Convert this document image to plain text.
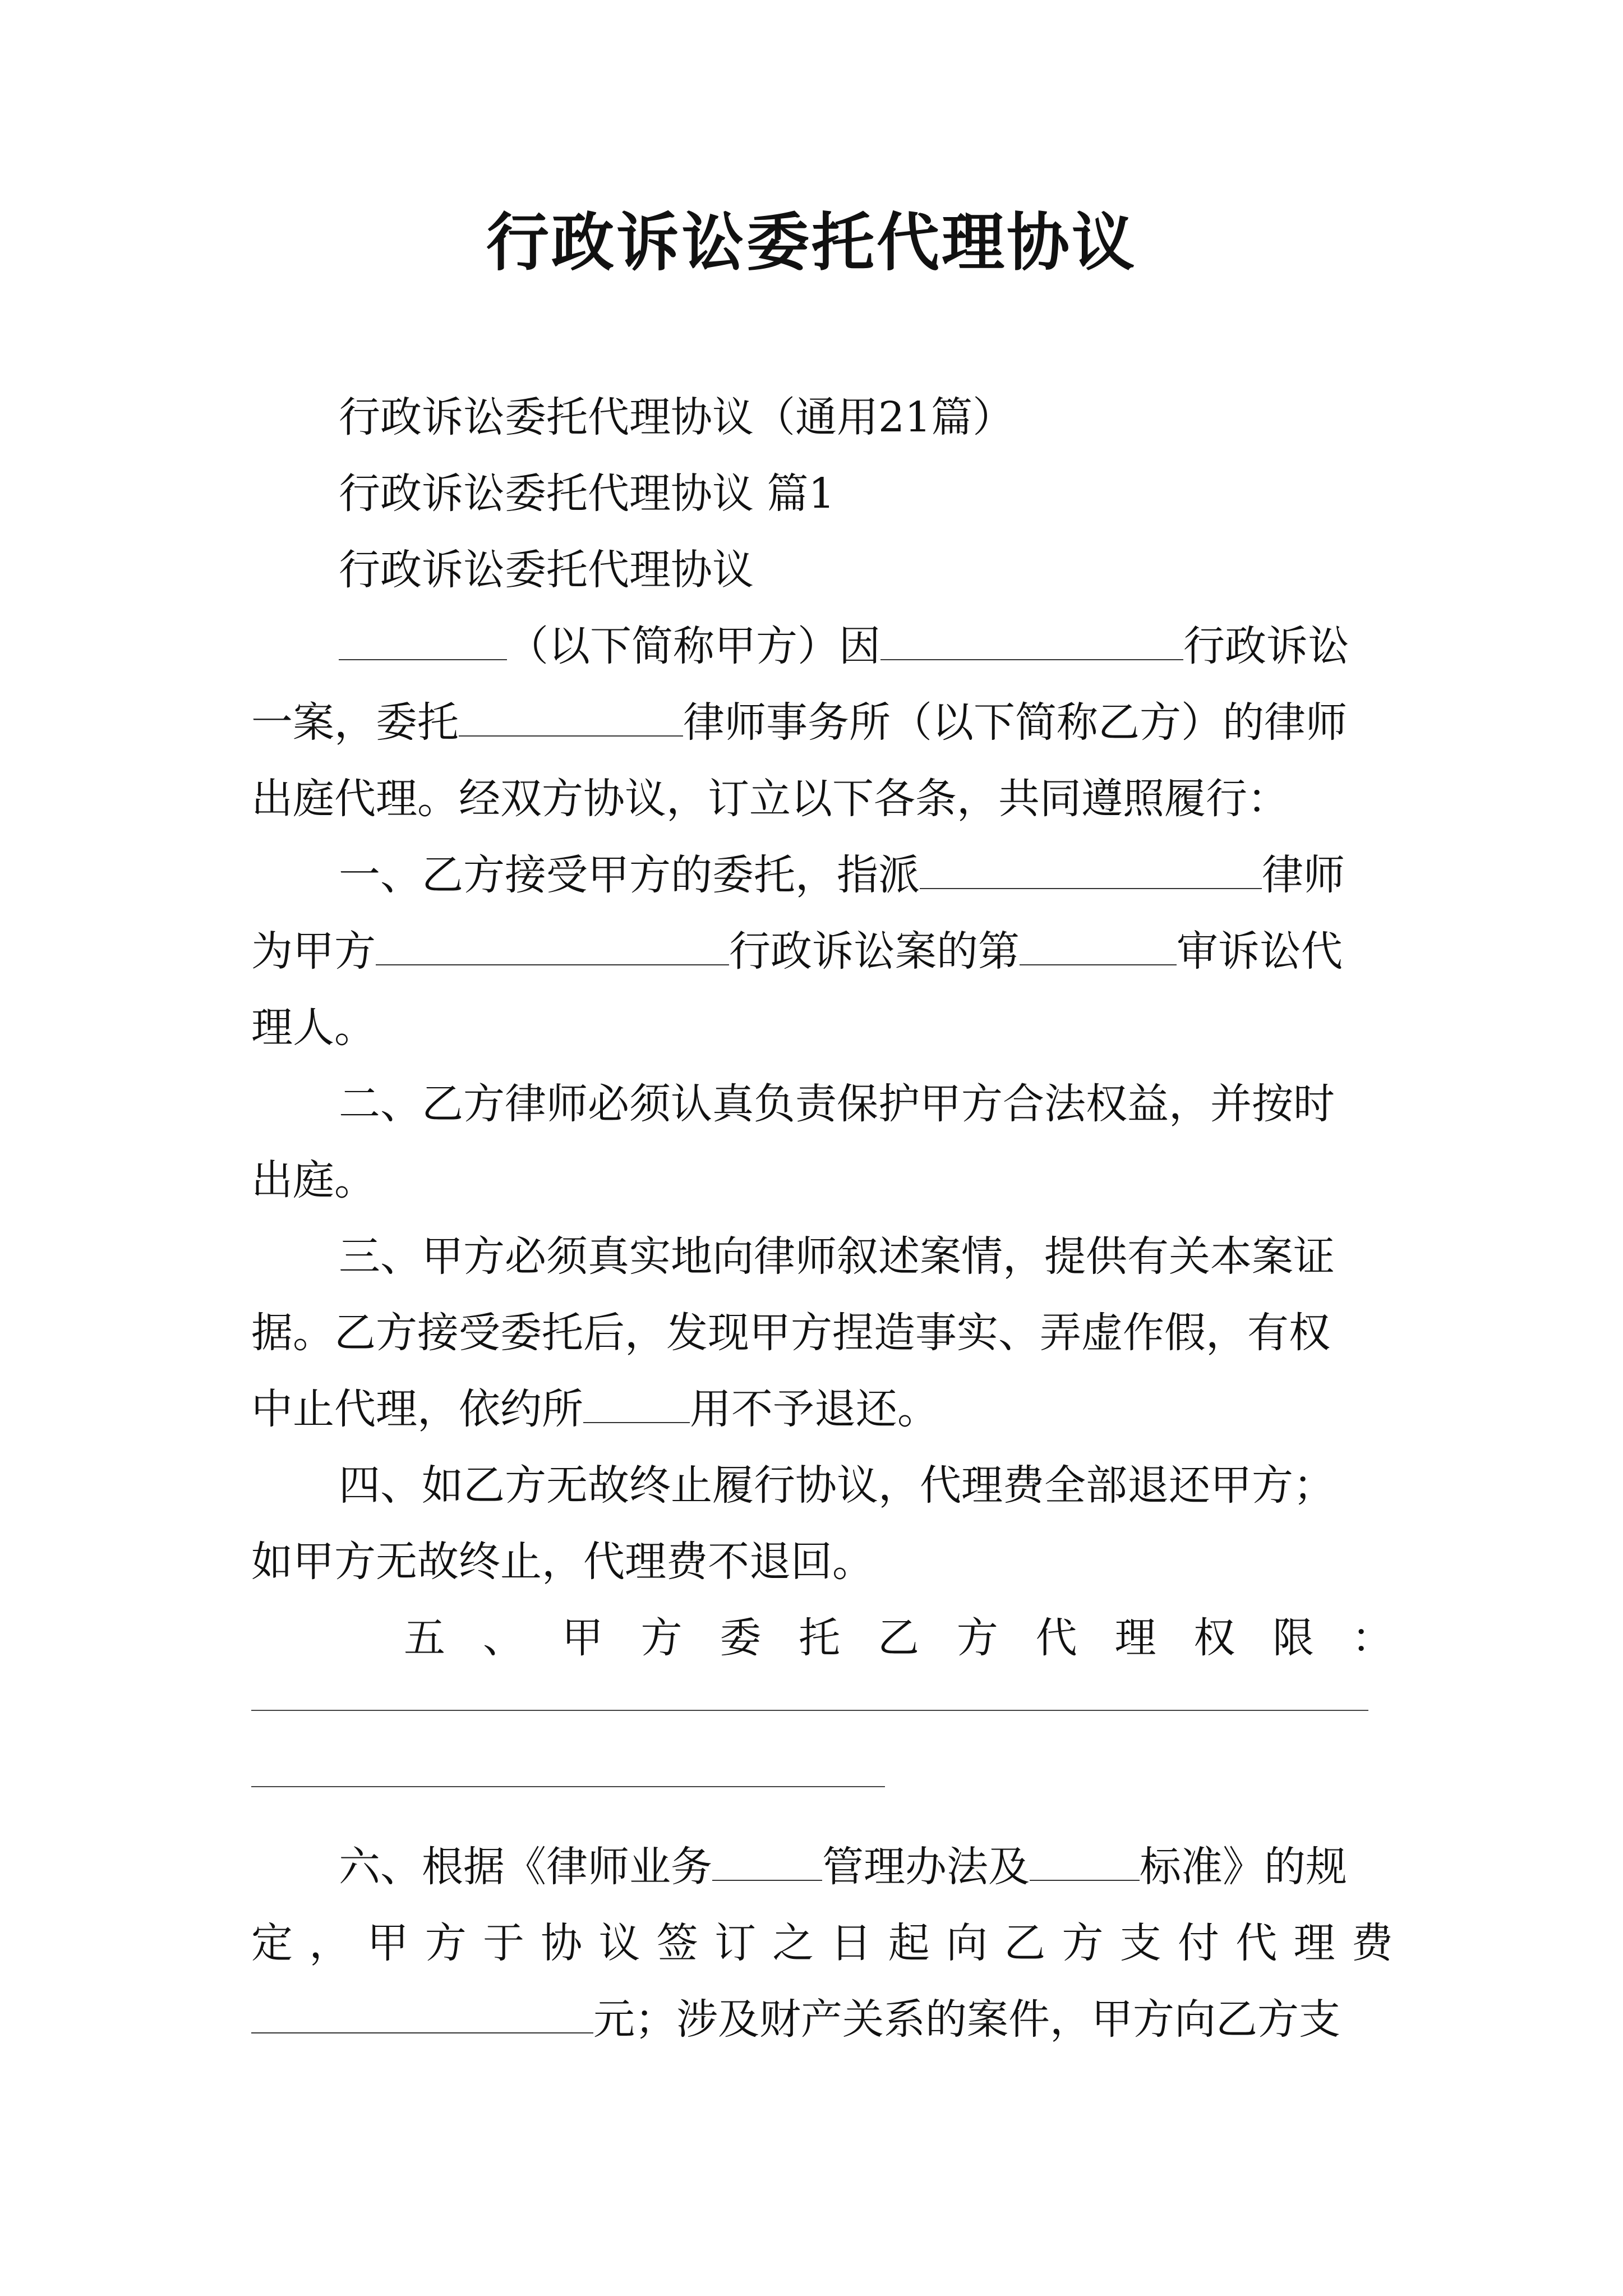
行政诉讼委托代理协议
行政诉讼委托代理协议（通用21篇）
行政诉讼委托代理协议 篇1
行政诉讼委托代理协议
（以下简称甲方）因	行政诉讼
一案，委托	律师事务所（以下简称乙方）的律师
出庭代理。经双方协议，订立以下各条，共同遵照履行：
一、乙方接受甲方的委托，指派	律师
为甲方	行政诉讼案的第	审诉讼代
理人。
二、乙方律师必须认真负责保护甲方合法权益，并按时
出庭。
三、甲方必须真实地向律师叙述案情，提供有关本案证
据。乙方接受委托后，发现甲方捏造事实、弄虚作假，有权
中止代理，依约所	用不予退还。
四、如乙方无故终止履行协议，代理费全部退还甲方；
如甲方无故终止，代理费不退回。
五 、 甲 方 委 托 乙 方 代 理 权 限 ：
六、根据《律师业务	管理办法及	标准》的规
定 ， 甲 方 于 协 议 签 订 之 日 起 向 乙 方 支 付 代 理 费
元；涉及财产关系的案件，甲方向乙方支
